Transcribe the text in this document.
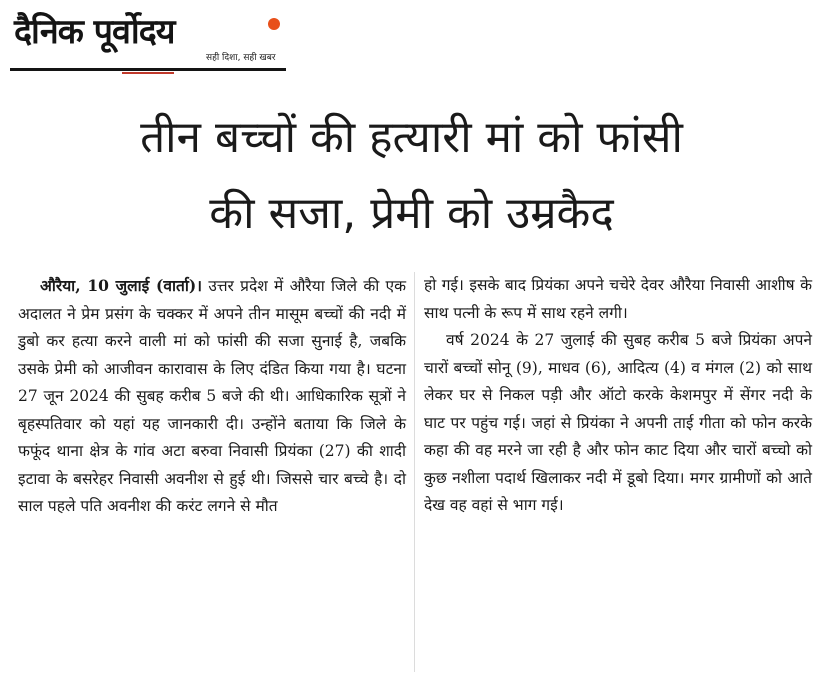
दैनिक पूर्वोदय
सही दिशा, सही खबर
तीन बच्चों की हत्यारी मां को फांसी
की सजा, प्रेमी को उम्रकैद

औरैया, 10 जुलाई (वार्ता)। उत्तर प्रदेश में औरैया जिले की एक अदालत ने प्रेम प्रसंग के चक्कर में अपने तीन मासूम बच्चों की नदी में डुबो कर हत्या करने वाली मां को फांसी की सजा सुनाई है, जबकि उसके प्रेमी को आजीवन कारावास के लिए दंडित किया गया है। घटना 27 जून 2024 की सुबह करीब 5 बजे की थी। आधिकारिक सूत्रों ने बृहस्पतिवार को यहां यह जानकारी दी। उन्होंने बताया कि जिले के फफूंद थाना क्षेत्र के गांव अटा बरुवा निवासी प्रियंका (27) की शादी इटावा के बसरेहर निवासी अवनीश से हुई थी। जिससे चार बच्चे है। दो साल पहले पति अवनीश की करंट लगने से मौत

हो गई। इसके बाद प्रियंका अपने चचेरे देवर औरैया निवासी आशीष के साथ पत्नी के रूप में साथ रहने लगी।

वर्ष 2024 के 27 जुलाई की सुबह करीब 5 बजे प्रियंका अपने चारों बच्चों सोनू (9), माधव (6), आदित्य (4) व मंगल (2) को साथ लेकर घर से निकल पड़ी और ऑटो करके केशमपुर में सेंगर नदी के घाट पर पहुंच गई। जहां से प्रियंका ने अपनी ताई गीता को फोन करके कहा की वह मरने जा रही है और फोन काट दिया और चारों बच्चो को कुछ नशीला पदार्थ खिलाकर नदी में डूबो दिया। मगर ग्रामीणों को आते देख वह वहां से भाग गई।
